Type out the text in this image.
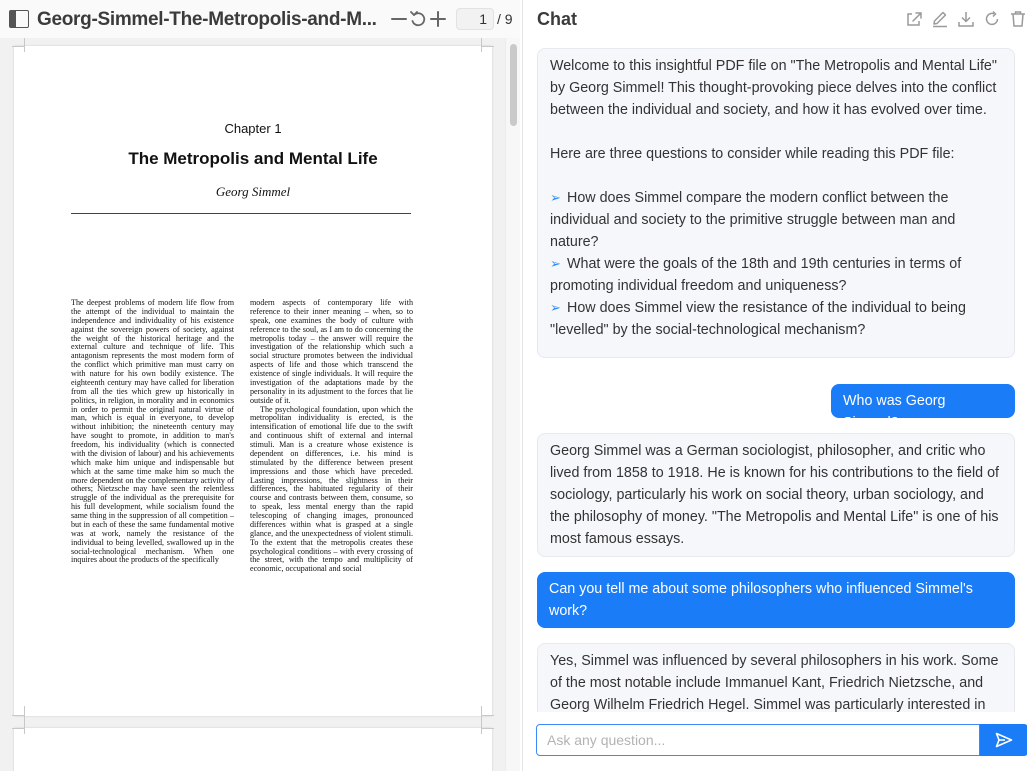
Georg-Simmel-The-Metropolis-and-M...
1	/ 9
Chapter 1
The Metropolis and Mental Life
Georg Simmel

The deepest problems of modern life flow from the attempt of the individual to maintain the independence and individuality of his existence against the sovereign powers of society, against the weight of the historical heritage and the external culture and technique of life. This antagonism represents the most modern form of the conflict which primitive man must carry on with nature for his own bodily existence. The eighteenth century may have called for liberation from all the ties which grew up historically in politics, in religion, in morality and in economics in order to permit the original natural virtue of man, which is equal in everyone, to develop without inhibition; the nineteenth century may have sought to promote, in addition to man's freedom, his individuality (which is connected with the division of labour) and his achievements which make him unique and indispensable but which at the same time make him so much the more dependent on the complementary activity of others; Nietzsche may have seen the relentless struggle of the individual as the prerequisite for his full development, while socialism found the same thing in the suppression of all competition – but in each of these the same fundamental motive was at work, namely the resistance of the individual to being levelled, swallowed up in the social-technological mechanism. When one inquires about the products of the specifically

modern aspects of contemporary life with reference to their inner meaning – when, so to speak, one examines the body of culture with reference to the soul, as I am to do concerning the metropolis today – the answer will require the investigation of the relationship which such a social structure promotes between the individual aspects of life and those which transcend the existence of single individuals. It will require the investigation of the adaptations made by the personality in its adjustment to the forces that lie outside of it.

The psychological foundation, upon which the metropolitan individuality is erected, is the intensification of emotional life due to the swift and continuous shift of external and internal stimuli. Man is a creature whose existence is dependent on differences, i.e. his mind is stimulated by the difference between present impressions and those which have preceded. Lasting impressions, the slightness in their differences, the habituated regularity of their course and contrasts between them, consume, so to speak, less mental energy than the rapid telescoping of changing images, pronounced differences within what is grasped at a single glance, and the unexpectedness of violent stimuli. To the extent that the metropolis creates these psychological conditions – with every crossing of the street, with the tempo and multiplicity of economic, occupational and social

Chat

Welcome to this insightful PDF file on "The Metropolis and Mental Life" by Georg Simmel! This thought-provoking piece delves into the conflict between the individual and society, and how it has evolved over time.

Here are three questions to consider while reading this PDF file:

➢ How does Simmel compare the modern conflict between the individual and society to the primitive struggle between man and nature?

➢ What were the goals of the 18th and 19th centuries in terms of promoting individual freedom and uniqueness?

➢ How does Simmel view the resistance of the individual to being "levelled" by the social-technological mechanism?

Who was Georg Simmel?

Georg Simmel was a German sociologist, philosopher, and critic who lived from 1858 to 1918. He is known for his contributions to the field of sociology, particularly his work on social theory, urban sociology, and the philosophy of money. "The Metropolis and Mental Life" is one of his most famous essays.

Can you tell me about some philosophers who influenced Simmel's work?

Yes, Simmel was influenced by several philosophers in his work. Some of the most notable include Immanuel Kant, Friedrich Nietzsche, and Georg Wilhelm Friedrich Hegel. Simmel was particularly interested in

Ask any question...
